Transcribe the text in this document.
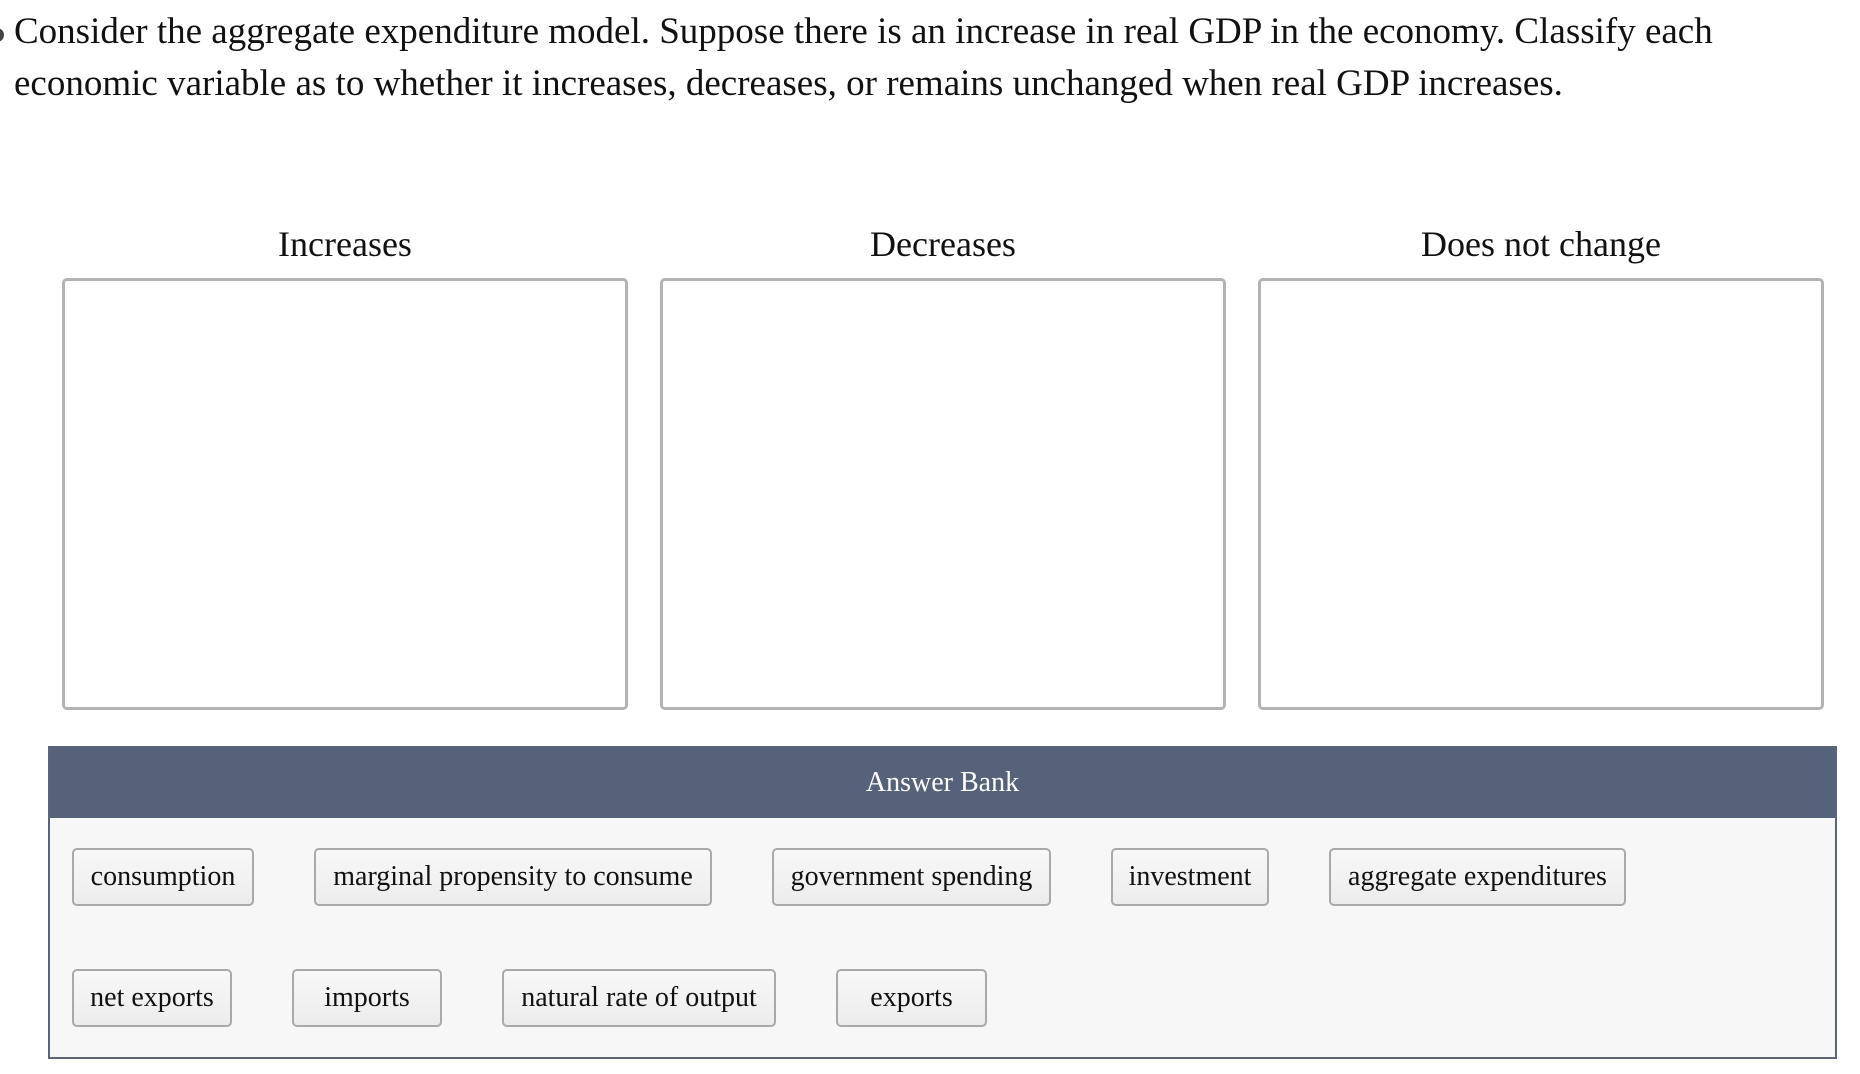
Consider the aggregate expenditure model. Suppose there is an increase in real GDP in the economy. Classify each economic variable as to whether it increases, decreases, or remains unchanged when real GDP increases.
Increases	Decreases	Does not change
Answer Bank
consumption	marginal propensity to consume	government spending	investment	aggregate expenditures
net exports	imports	natural rate of output	exports
